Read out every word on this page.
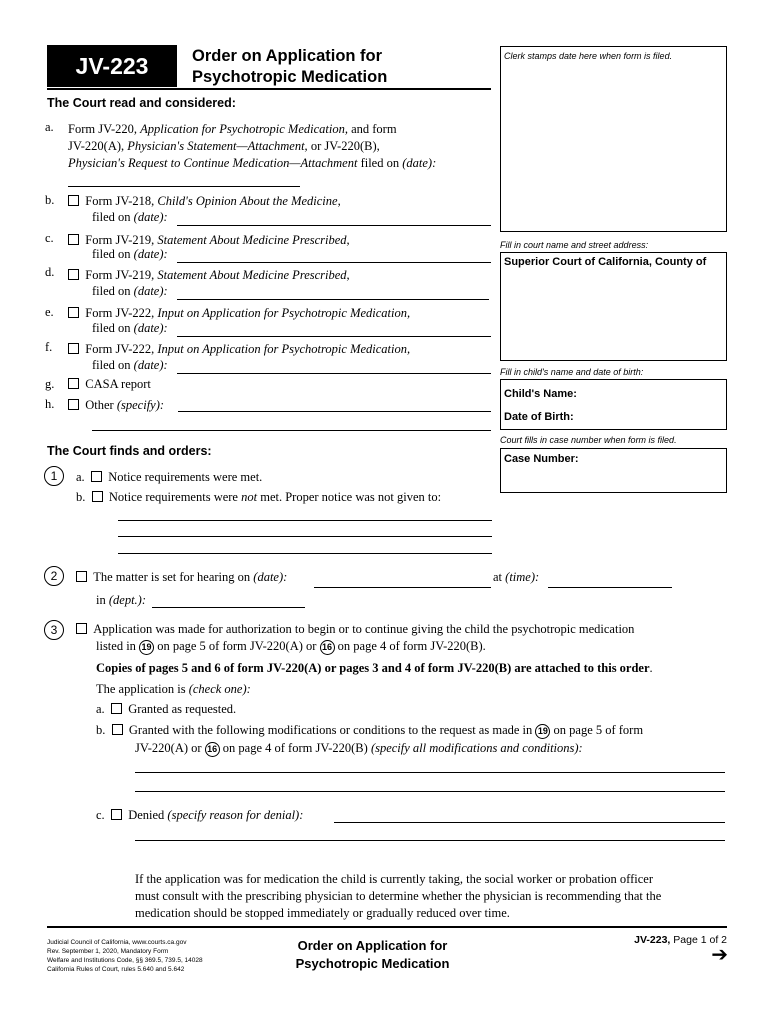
JV-223	Order on Application for
Psychotropic Medication
Clerk stamps date here when form is filed.
Fill in court name and street address:
Superior Court of California, County of
Fill in child's name and date of birth:
Child's Name:
Date of Birth:
Court fills in case number when form is filed.
Case Number:
The Court read and considered:
a. Form JV-220, Application for Psychotropic Medication, and form
JV-220(A), Physician's Statement—Attachment, or JV-220(B),
Physician's Request to Continue Medication—Attachment filed on (date):
b.	Form JV-218, Child's Opinion About the Medicine,
filed on (date):
c.	Form JV-219, Statement About Medicine Prescribed,
filed on (date):
d.	Form JV-219, Statement About Medicine Prescribed,
filed on (date):
e.	Form JV-222, Input on Application for Psychotropic Medication,
filed on (date):
f.	Form JV-222, Input on Application for Psychotropic Medication,
filed on (date):
g.	CASA report
h.	Other (specify):
The Court finds and orders:
1	a. Notice requirements were met.
b. Notice requirements were not met. Proper notice was not given to:
2	The matter is set for hearing on (date):	at (time):
in (dept.):
3	Application was made for authorization to begin or to continue giving the child the psychotropic medication
listed in 19 on page 5 of form JV-220(A) or 16 on page 4 of form JV-220(B).
Copies of pages 5 and 6 of form JV-220(A) or pages 3 and 4 of form JV-220(B) are attached to this order.
The application is (check one):
a. Granted as requested.
b. Granted with the following modifications or conditions to the request as made in 19 on page 5 of form
JV-220(A) or 16 on page 4 of form JV-220(B) (specify all modifications and conditions):
c. Denied (specify reason for denial):
If the application was for medication the child is currently taking, the social worker or probation officer
must consult with the prescribing physician to determine whether the physician is recommending that the
medication should be stopped immediately or gradually reduced over time.
Judicial Council of California, www.courts.ca.gov
Rev. September 1, 2020, Mandatory Form
Welfare and Institutions Code, §§ 369.5, 739.5, 14028
California Rules of Court, rules 5.640 and 5.642
Order on Application for
Psychotropic Medication
JV-223, Page 1 of 2
➔
